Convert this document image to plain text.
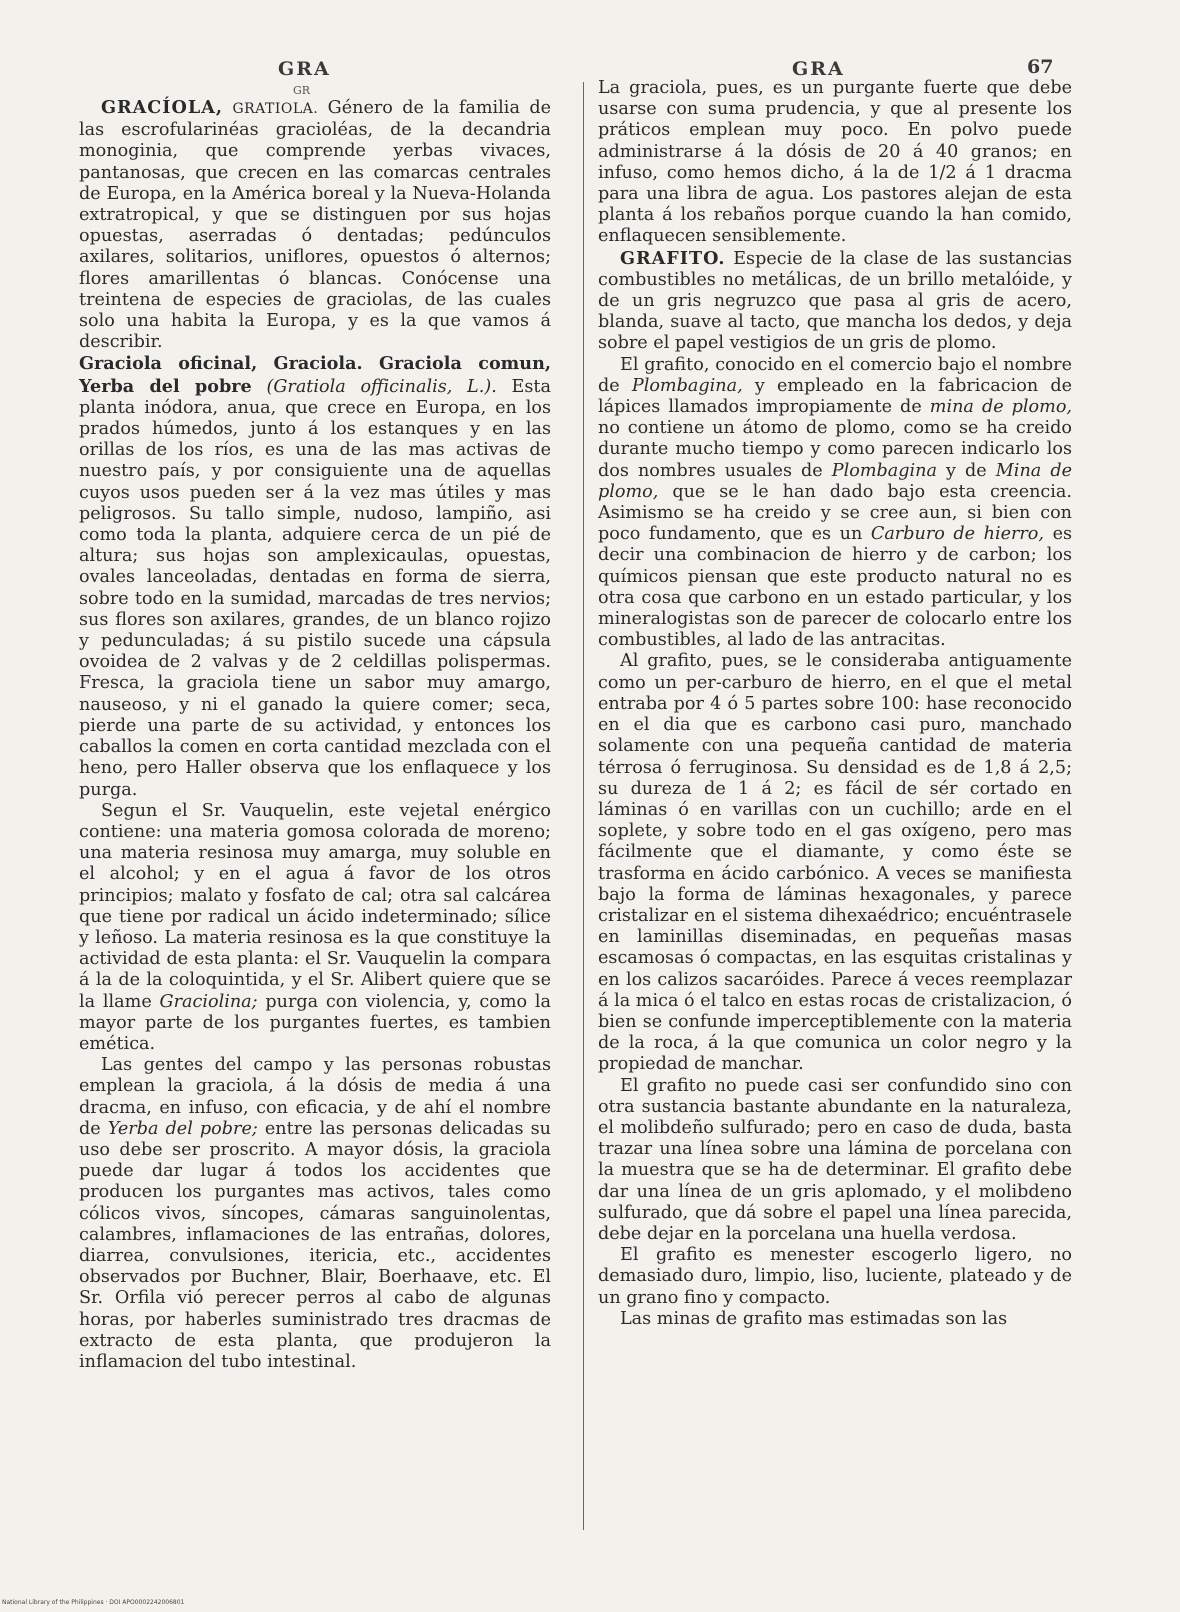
GRA
GR
GRA	67

GRACÍOLA, GRATIOLA. Género de la familia de las escrofularinéas gracioléas, de la decandria monoginia, que comprende yerbas vivaces, pantanosas, que crecen en las comarcas centrales de Europa, en la América boreal y la Nueva-Holanda extratropical, y que se distinguen por sus hojas opuestas, aserradas ó dentadas; pedúnculos axilares, solitarios, uniflores, opuestos ó alternos; flores amarillentas ó blancas. Conócense una treintena de especies de graciolas, de las cuales solo una habita la Europa, y es la que vamos á describir.

Graciola oficinal, Graciola. Graciola comun, Yerba del pobre (Gratiola officinalis, L.). Esta planta inódora, anua, que crece en Europa, en los prados húmedos, junto á los estanques y en las orillas de los ríos, es una de las mas activas de nuestro país, y por consiguiente una de aquellas cuyos usos pueden ser á la vez mas útiles y mas peligrosos. Su tallo simple, nudoso, lampiño, asi como toda la planta, adquiere cerca de un pié de altura; sus hojas son amplexicaulas, opuestas, ovales lanceoladas, dentadas en forma de sierra, sobre todo en la sumidad, marcadas de tres nervios; sus flores son axilares, grandes, de un blanco rojizo y pedunculadas; á su pistilo sucede una cápsula ovoidea de 2 valvas y de 2 celdillas polispermas. Fresca, la graciola tiene un sabor muy amargo, nauseoso, y ni el ganado la quiere comer; seca, pierde una parte de su actividad, y entonces los caballos la comen en corta cantidad mezclada con el heno, pero Haller observa que los enflaquece y los purga.

Segun el Sr. Vauquelin, este vejetal enérgico contiene: una materia gomosa colorada de moreno; una materia resinosa muy amarga, muy soluble en el alcohol; y en el agua á favor de los otros principios; malato y fosfato de cal; otra sal calcárea que tiene por radical un ácido indeterminado; sílice y leñoso. La materia resinosa es la que constituye la actividad de esta planta: el Sr. Vauquelin la compara á la de la coloquintida, y el Sr. Alibert quiere que se la llame Graciolina; purga con violencia, y, como la mayor parte de los purgantes fuertes, es tambien emética.

Las gentes del campo y las personas robustas emplean la graciola, á la dósis de media á una dracma, en infuso, con eficacia, y de ahí el nombre de Yerba del pobre; entre las personas delicadas su uso debe ser proscrito. A mayor dósis, la graciola puede dar lugar á todos los accidentes que producen los purgantes mas activos, tales como cólicos vivos, síncopes, cámaras sanguinolentas, calambres, inflamaciones de las entrañas, dolores, diarrea, convulsiones, itericia, etc., accidentes observados por Buchner, Blair, Boerhaave, etc. El Sr. Orfila vió perecer perros al cabo de algunas horas, por haberles suministrado tres dracmas de extracto de esta planta, que produjeron la inflamacion del tubo intestinal.

La graciola, pues, es un purgante fuerte que debe usarse con suma prudencia, y que al presente los práticos emplean muy poco. En polvo puede administrarse á la dósis de 20 á 40 granos; en infuso, como hemos dicho, á la de 1/2 á 1 dracma para una libra de agua. Los pastores alejan de esta planta á los rebaños porque cuando la han comido, enflaquecen sensiblemente.

GRAFITO. Especie de la clase de las sustancias combustibles no metálicas, de un brillo metalóide, y de un gris negruzco que pasa al gris de acero, blanda, suave al tacto, que mancha los dedos, y deja sobre el papel vestigios de un gris de plomo.

El grafito, conocido en el comercio bajo el nombre de Plombagina, y empleado en la fabricacion de lápices llamados impropiamente de mina de plomo, no contiene un átomo de plomo, como se ha creido durante mucho tiempo y como parecen indicarlo los dos nombres usuales de Plombagina y de Mina de plomo, que se le han dado bajo esta creencia. Asimismo se ha creido y se cree aun, si bien con poco fundamento, que es un Carburo de hierro, es decir una combinacion de hierro y de carbon; los químicos piensan que este producto natural no es otra cosa que carbono en un estado particular, y los mineralogistas son de parecer de colocarlo entre los combustibles, al lado de las antracitas.

Al grafito, pues, se le consideraba antiguamente como un per-carburo de hierro, en el que el metal entraba por 4 ó 5 partes sobre 100: hase reconocido en el dia que es carbono casi puro, manchado solamente con una pequeña cantidad de materia térrosa ó ferruginosa. Su densidad es de 1,8 á 2,5; su dureza de 1 á 2; es fácil de sér cortado en láminas ó en varillas con un cuchillo; arde en el soplete, y sobre todo en el gas oxígeno, pero mas fácilmente que el diamante, y como éste se trasforma en ácido carbónico. A veces se manifiesta bajo la forma de láminas hexagonales, y parece cristalizar en el sistema dihexaédrico; encuéntrasele en laminillas diseminadas, en pequeñas masas escamosas ó compactas, en las esquitas cristalinas y en los calizos sacaróides. Parece á veces reemplazar á la mica ó el talco en estas rocas de cristalizacion, ó bien se confunde imperceptiblemente con la materia de la roca, á la que comunica un color negro y la propiedad de manchar.

El grafito no puede casi ser confundido sino con otra sustancia bastante abundante en la naturaleza, el molibdeño sulfurado; pero en caso de duda, basta trazar una línea sobre una lámina de porcelana con la muestra que se ha de determinar. El grafito debe dar una línea de un gris aplomado, y el molibdeno sulfurado, que dá sobre el papel una línea parecida, debe dejar en la porcelana una huella verdosa.

El grafito es menester escogerlo ligero, no demasiado duro, limpio, liso, luciente, plateado y de un grano fino y compacto.

Las minas de grafito mas estimadas son las

National Library of the Philippines · DOI APO0002242006801
